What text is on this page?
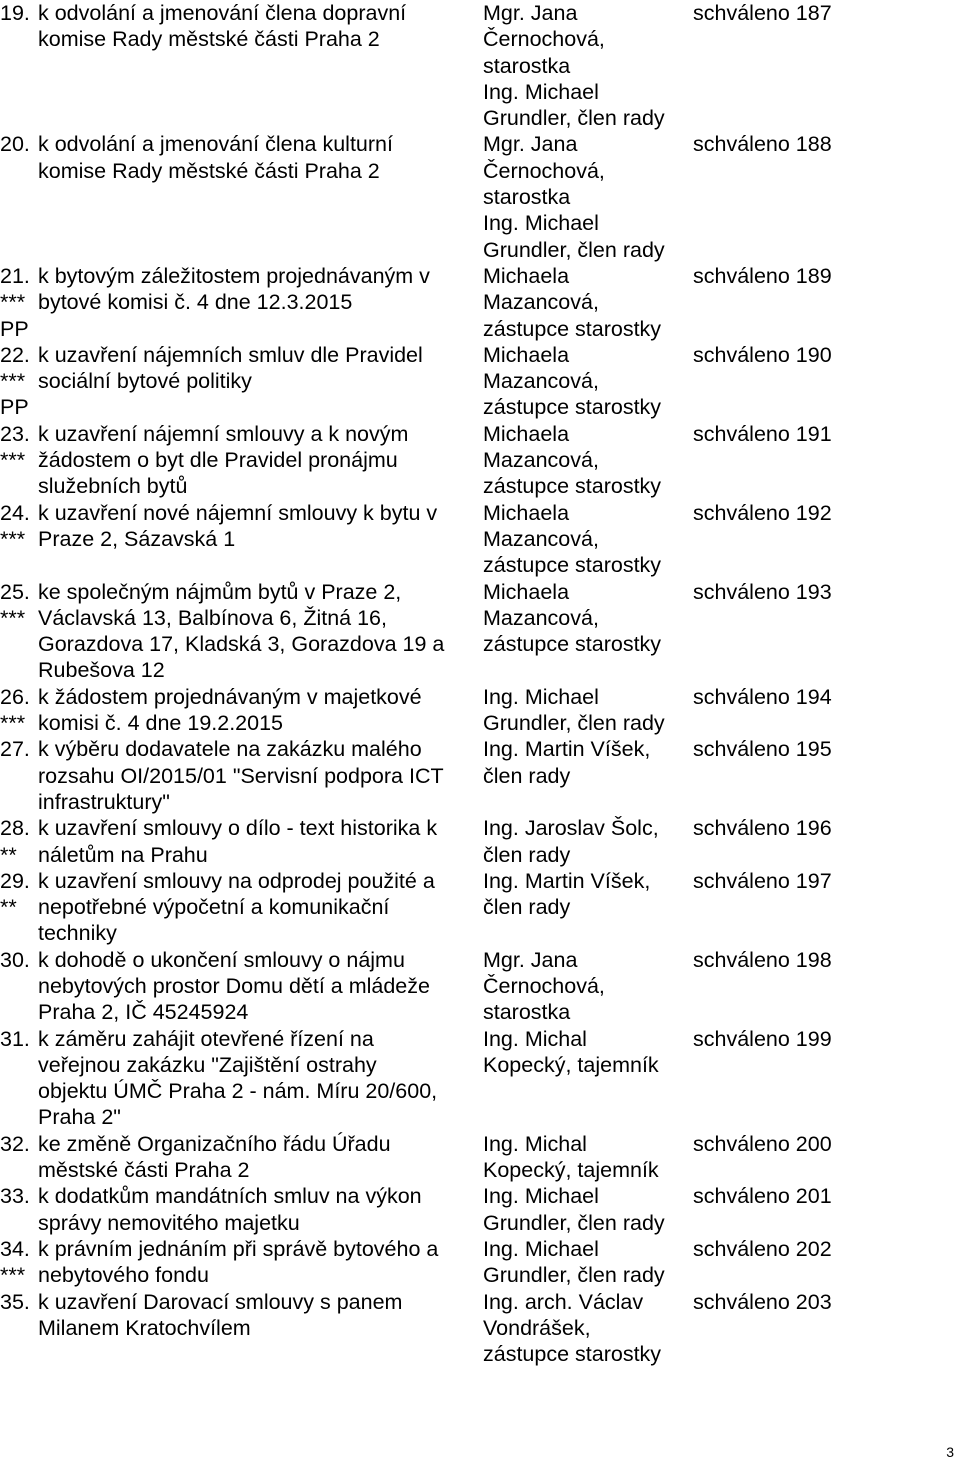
19. k odvolání a jmenování člena dopravní
komise Rady městské části Praha 2
Mgr. Jana
Černochová,
starostka
Ing. Michael
Grundler, člen rady
schváleno 187
20. k odvolání a jmenování člena kulturní
komise Rady městské části Praha 2
Mgr. Jana
Černochová,
starostka
Ing. Michael
Grundler, člen rady
schváleno 188
21.
***
PP
k bytovým záležitostem projednávaným v
bytové komisi č. 4 dne 12.3.2015
Michaela
Mazancová,
zástupce starostky
schváleno 189
22.
***
PP
k uzavření nájemních smluv dle Pravidel
sociální bytové politiky
Michaela
Mazancová,
zástupce starostky
schváleno 190
23.
***
k uzavření nájemní smlouvy a k novým
žádostem o byt dle Pravidel pronájmu
služebních bytů
Michaela
Mazancová,
zástupce starostky
schváleno 191
24.
***
k uzavření nové nájemní smlouvy k bytu v
Praze 2, Sázavská 1
Michaela
Mazancová,
zástupce starostky
schváleno 192
25.
***
ke společným nájmům bytů v Praze 2,
Václavská 13, Balbínova 6, Žitná 16,
Gorazdova 17, Kladská 3, Gorazdova 19 a
Rubešova 12
Michaela
Mazancová,
zástupce starostky
schváleno 193
26.
***
k žádostem projednávaným v majetkové
komisi č. 4 dne 19.2.2015
Ing. Michael
Grundler, člen rady
schváleno 194
27. k výběru dodavatele na zakázku malého
rozsahu OI/2015/01 "Servisní podpora ICT
infrastruktury"
Ing. Martin Víšek,
člen rady
schváleno 195
28.
**
k uzavření smlouvy o dílo - text historika k
náletům na Prahu
Ing. Jaroslav Šolc,
člen rady
schváleno 196
29.
**
k uzavření smlouvy na odprodej použité a
nepotřebné výpočetní a komunikační
techniky
Ing. Martin Víšek,
člen rady
schváleno 197
30. k dohodě o ukončení smlouvy o nájmu
nebytových prostor Domu dětí a mládeže
Praha 2, IČ 45245924
Mgr. Jana
Černochová,
starostka
schváleno 198
31. k záměru zahájit otevřené řízení na
veřejnou zakázku "Zajištění ostrahy
objektu ÚMČ Praha 2 - nám. Míru 20/600,
Praha 2"
Ing. Michal
Kopecký, tajemník
schváleno 199
32. ke změně Organizačního řádu Úřadu
městské části Praha 2
Ing. Michal
Kopecký, tajemník
schváleno 200
33. k dodatkům mandátních smluv na výkon
správy nemovitého majetku
Ing. Michael
Grundler, člen rady
schváleno 201
34.
***
k právním jednáním při správě bytového a
nebytového fondu
Ing. Michael
Grundler, člen rady
schváleno 202
35. k uzavření Darovací smlouvy s panem
Milanem Kratochvílem
Ing. arch. Václav
Vondrášek,
zástupce starostky
schváleno 203
3
